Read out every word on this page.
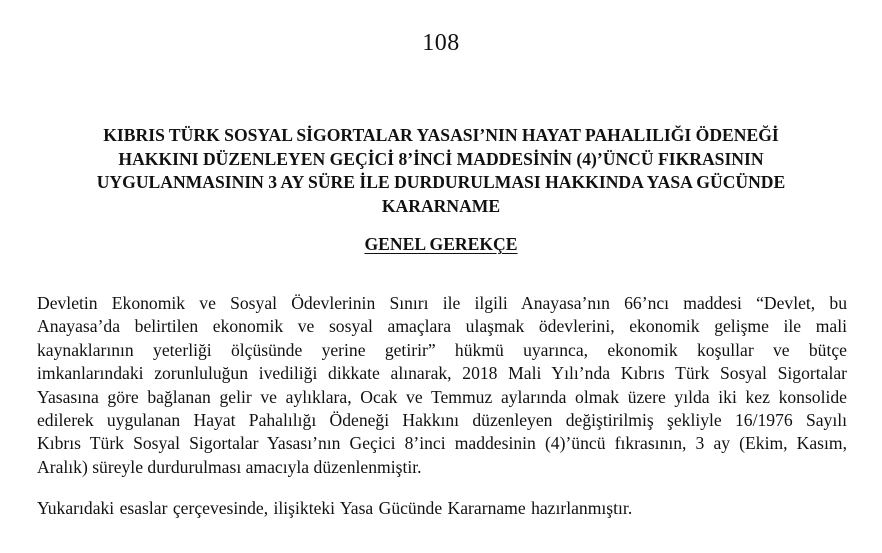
108
KIBRIS TÜRK SOSYAL SİGORTALAR YASASI’NIN HAYAT PAHALILIĞI ÖDENEĞİ
HAKKINI DÜZENLEYEN GEÇİCİ 8’İNCİ MADDESİNİN (4)’ÜNCÜ FIKRASININ
UYGULANMASININ 3 AY SÜRE İLE DURDURULMASI HAKKINDA YASA GÜCÜNDE
KARARNAME
GENEL GEREKÇE

Devletin Ekonomik ve Sosyal Ödevlerinin Sınırı ile ilgili Anayasa’nın 66’ncı maddesi “Devlet, bu
Anayasa’da belirtilen ekonomik ve sosyal amaçlara ulaşmak ödevlerini, ekonomik gelişme ile mali
kaynaklarının yeterliği ölçüsünde yerine getirir” hükmü uyarınca, ekonomik koşullar ve bütçe
imkanlarındaki zorunluluğun ivediliği dikkate alınarak, 2018 Mali Yılı’nda Kıbrıs Türk Sosyal Sigortalar
Yasasına göre bağlanan gelir ve aylıklara, Ocak ve Temmuz aylarında olmak üzere yılda iki kez konsolide
edilerek uygulanan Hayat Pahalılığı Ödeneği Hakkını düzenleyen değiştirilmiş şekliyle 16/1976 Sayılı
Kıbrıs Türk Sosyal Sigortalar Yasası’nın Geçici 8’inci maddesinin (4)’üncü fıkrasının, 3 ay (Ekim, Kasım,
Aralık) süreyle durdurulması amacıyla düzenlenmiştir.

Yukarıdaki esaslar çerçevesinde, ilişikteki Yasa Gücünde Kararname hazırlanmıştır.
